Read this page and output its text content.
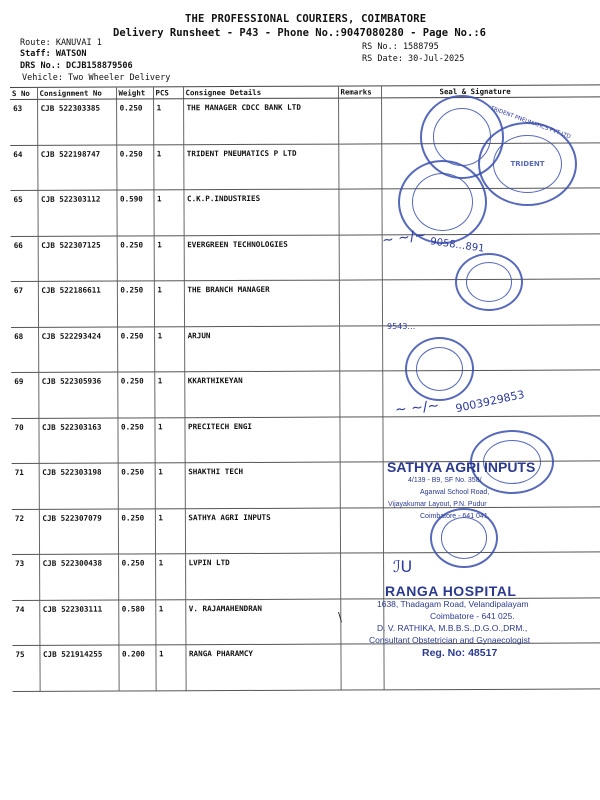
THE PROFESSIONAL COURIERS, COIMBATORE
Delivery Runsheet - P43 - Phone No.:9047080280 - Page No.:6
Route: KANUVAI 1
Staff: WATSON
DRS No.: DCJB158879506
Vehicle: Two Wheeler Delivery
RS No.: 1588795
RS Date: 30-Jul-2025
S No	Consignment No	Weight	PCS	Consignee Details	Remarks	Seal & Signature
63	CJB 522303385	0.250	1	THE MANAGER CDCC BANK LTD		
64	CJB 522198747	0.250	1	TRIDENT PNEUMATICS P LTD		
65	CJB 522303112	0.590	1	C.K.P.INDUSTRIES		
66	CJB 522307125	0.250	1	EVERGREEN TECHNOLOGIES		
67	CJB 522186611	0.250	1	THE BRANCH MANAGER		
68	CJB 522293424	0.250	1	ARJUN		
69	CJB 522305936	0.250	1	KKARTHIKEYAN		
70	CJB 522303163	0.250	1	PRECITECH ENGI		
71	CJB 522303198	0.250	1	SHAKTHI TECH		
72	CJB 522307079	0.250	1	SATHYA AGRI INPUTS		
73	CJB 522300438	0.250	1	LVPIN LTD		
74	CJB 522303111	0.580	1	V. RAJAMAHENDRAN		
75	CJB 521914255	0.200	1	RANGA PHARAMCY		
TRIDENT
TRIDENT PNEUMATICS PVT LTD
~ ~/~ 9058…891
9543…
~ ~/~ 9003929853
SATHYA AGRI INPUTS
4/139 - B9, SF No. 358/
Agarwal School Road,
Vijayakumar Layout, P.N. Pudur
Coimbatore - 641 041.
ℐU
RANGA HOSPITAL
1638, Thadagam Road, Velandipalayam
Coimbatore - 641 025.
D. V. RATHIKA, M.B.B.S.,D.G.O.,DRM.,
Consultant Obstetrician and Gynaecologist
Reg. No: 48517
\
